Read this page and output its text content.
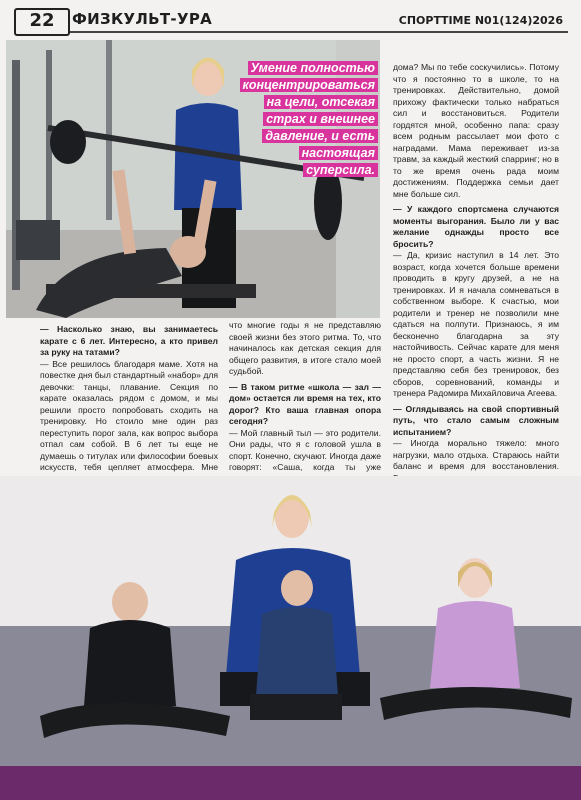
22	ФИЗКУЛЬТ-УРА	СПОРТTIME N01(124)2026
Умение полностью концентрироваться на цели, отсекая страх и внешнее давление, и есть настоящая суперсила.

— Насколько знаю, вы занимаетесь карате с 6 лет. Интересно, а кто привел за руку на татами?

— Все решилось благодаря маме. Хотя на повестке дня был стандартный «набор» для девочки: танцы, плавание. Секция по карате оказалась рядом с домом, и мы решили просто попробовать сходить на тренировку. Но стоило мне один раз переступить порог зала, как вопрос выбора отпал сам собой. В 6 лет ты еще не думаешь о титулах или философии боевых искусств, тебя цепляет атмосфера. Мне

что многие годы я не представляю своей жизни без этого ритма. То, что начиналось как детская секция для общего развития, в итоге стало моей судьбой.

— В таком ритме «школа — зал — дом» остается ли время на тех, кто дорог? Кто ваша главная опора сегодня?

— Мой главный тыл — это родители. Они рады, что я с головой ушла в спорт. Конечно, скучают. Иногда даже говорят: «Саша, когда ты уже

дома? Мы по тебе соскучились». Потому что я постоянно то в школе, то на тренировках. Действительно, домой прихожу фактически только набраться сил и восстановиться. Родители гордятся мной, особенно папа: сразу всем родным рассылает мои фото с наградами. Мама переживает из-за травм, за каждый жесткий спарринг; но в то же время очень рада моим достижениям. Поддержка семьи дает мне больше сил.

— У каждого спортсмена случаются моменты выгорания. Было ли у вас желание однажды просто все бросить?

— Да, кризис наступил в 14 лет. Это возраст, когда хочется больше времени проводить в кругу друзей, а не на тренировках. И я начала сомневаться в собственном выборе. К счастью, мои родители и тренер не позволили мне сдаться на полпути. Признаюсь, я им бесконечно благодарна за эту настойчивость. Сейчас карате для меня не просто спорт, а часть жизни. Я не представляю себя без тренировок, без сборов, соревнований, команды и тренера Радомира Михайловича Агеева.

— Оглядываясь на свой спортивный путь, что стало самым сложным испытанием?

— Иногда морально тяжело: много нагрузки, мало отдыха. Стараюсь найти баланс и время для восстановления.
